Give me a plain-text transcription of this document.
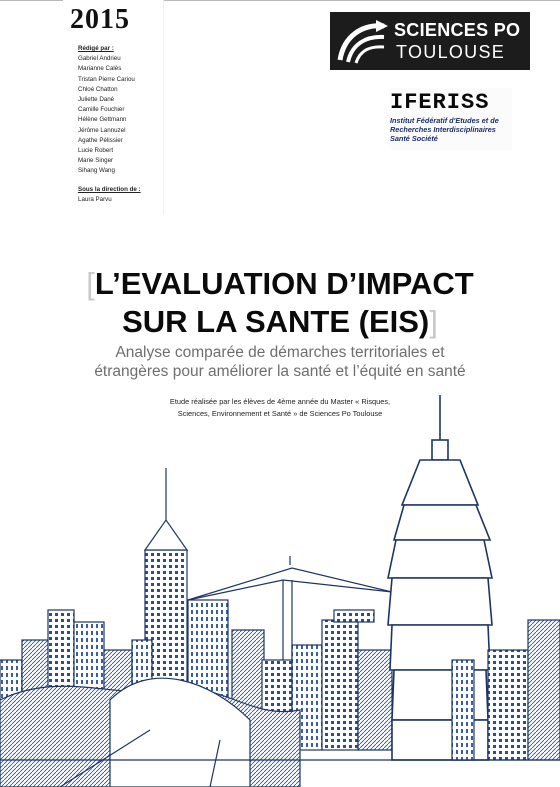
2015
Rédigé par :
Gabriel Andrieu
Marianne Calès
Tristan Pierre Cariou
Chloé Chatton
Juliette Dané
Camille Fouchier
Hélène Gettmann
Jérôme Lannuzel
Agathe Pélissier
Lucie Robert
Marie Singer
Sihang Wang
Sous la direction de :
Laura Parvu
SCIENCES PO
TOULOUSE
IFERISS
Institut Fédératif d'Etudes et de Recherches Interdisciplinaires Santé Société
[L’EVALUATION D’IMPACT
SUR LA SANTE (EIS)]
Analyse comparée de démarches territoriales et
étrangères pour améliorer la santé et l’équité en santé
Etude réalisée par les élèves de 4ème année du Master « Risques,
Sciences, Environnement et Santé » de Sciences Po Toulouse
